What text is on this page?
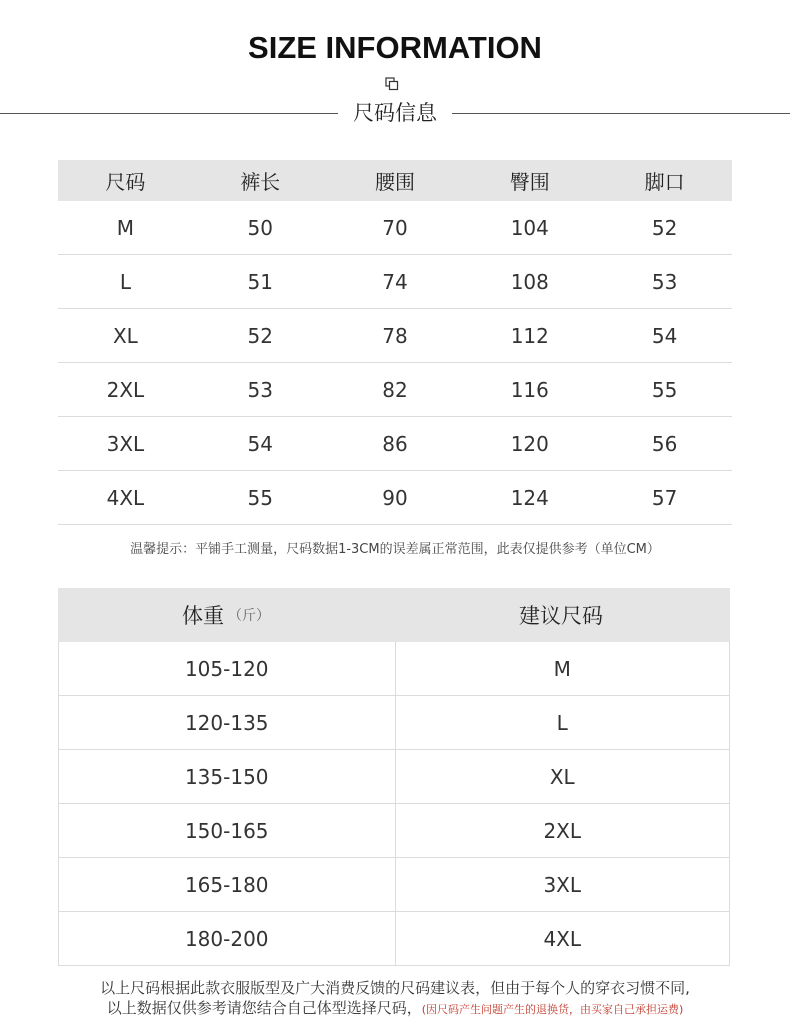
SIZE INFORMATION
尺码信息
尺码	裤长	腰围	臀围	脚口
M	50	70	104	52
L	51	74	108	53
XL	52	78	112	54
2XL	53	82	116	55
3XL	54	86	120	56
4XL	55	90	124	57
温馨提示：平铺手工测量，尺码数据1-3CM的误差属正常范围，此表仅提供参考（单位CM）
体重 （斤）	建议尺码
105-120	M
120-135	L
135-150	XL
150-165	2XL
165-180	3XL
180-200	4XL
以上尺码根据此款衣服版型及广大消费反馈的尺码建议表，但由于每个人的穿衣习惯不同,
以上数据仅供参考请您结合自己体型选择尺码，(因尺码产生问题产生的退换货，由买家自己承担运费)
